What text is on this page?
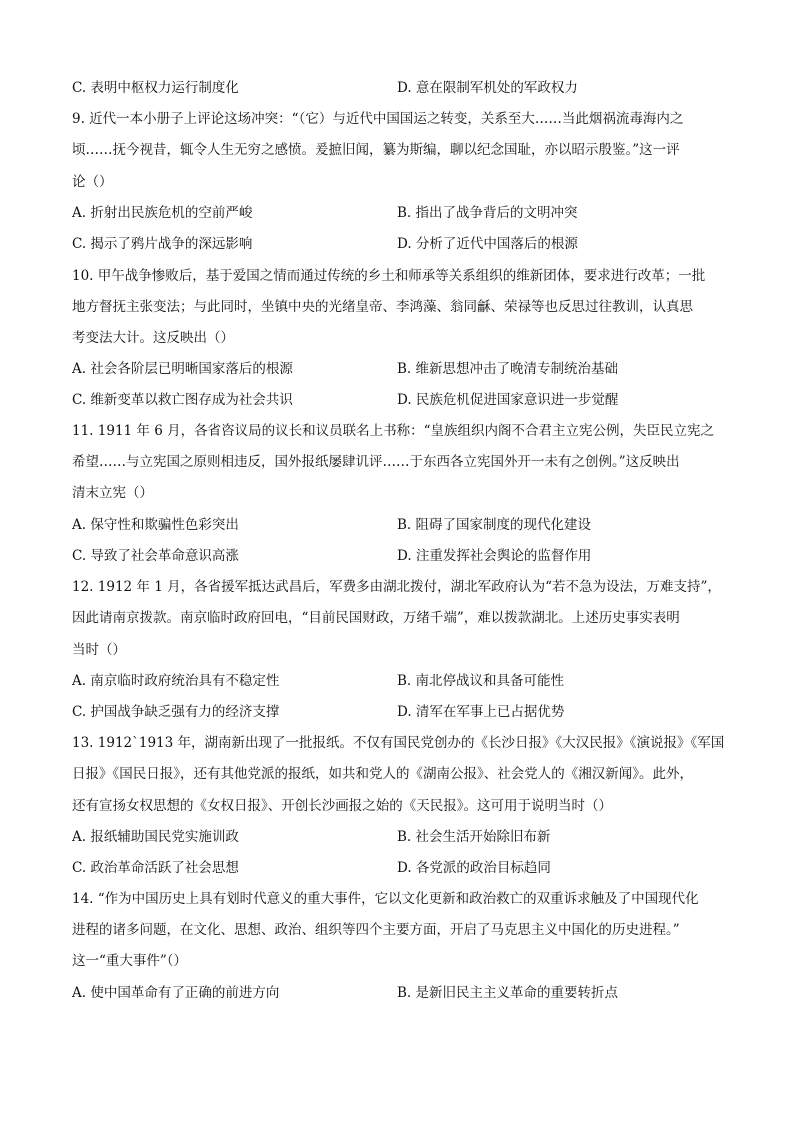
C. 表明中枢权力运行制度化	D. 意在限制军机处的军政权力
9. 近代一本小册子上评论这场冲突：“（它）与近代中国国运之转变，关系至大……当此烟祸流毒海内之
顷……抚今视昔，辄令人生无穷之感愤。爰摭旧闻，纂为斯编，聊以纪念国耻，亦以昭示殷鉴。”这一评
论（）
A. 折射出民族危机的空前严峻	B. 指出了战争背后的文明冲突
C. 揭示了鸦片战争的深远影响	D. 分析了近代中国落后的根源
10. 甲午战争惨败后，基于爱国之情而通过传统的乡土和师承等关系组织的维新团体，要求进行改革；一批
地方督抚主张变法；与此同时，坐镇中央的光绪皇帝、李鸿藻、翁同龢、荣禄等也反思过往教训，认真思
考变法大计。这反映出（）
A. 社会各阶层已明晰国家落后的根源	B. 维新思想冲击了晚清专制统治基础
C. 维新变革以救亡图存成为社会共识	D. 民族危机促进国家意识进一步觉醒
11. 1911 年 6 月，各省咨议局的议长和议员联名上书称：“皇族组织内阁不合君主立宪公例，失臣民立宪之
希望……与立宪国之原则相违反，国外报纸屡肆讥评……于东西各立宪国外开一未有之创例。”这反映出
清末立宪（）
A. 保守性和欺骗性色彩突出	B. 阻碍了国家制度的现代化建设
C. 导致了社会革命意识高涨	D. 注重发挥社会舆论的监督作用
12. 1912 年 1 月，各省援军抵达武昌后，军费多由湖北拨付，湖北军政府认为“若不急为设法，万难支持”，
因此请南京拨款。南京临时政府回电，“目前民国财政，万绪千端”，难以拨款湖北。上述历史事实表明
当时（）
A. 南京临时政府统治具有不稳定性	B. 南北停战议和具备可能性
C. 护国战争缺乏强有力的经济支撑	D. 清军在军事上已占据优势
13. 1912`1913 年，湖南新出现了一批报纸。不仅有国民党创办的《长沙日报》《大汉民报》《演说报》《军国
日报》《国民日报》，还有其他党派的报纸，如共和党人的《湖南公报》、社会党人的《湘汉新闻》。此外，
还有宣扬女权思想的《女权日报》、开创长沙画报之始的《天民报》。这可用于说明当时（）
A. 报纸辅助国民党实施训政	B. 社会生活开始除旧布新
C. 政治革命活跃了社会思想	D. 各党派的政治目标趋同
14. “作为中国历史上具有划时代意义的重大事件，它以文化更新和政治救亡的双重诉求触及了中国现代化
进程的诸多问题，在文化、思想、政治、组织等四个主要方面，开启了马克思主义中国化的历史进程。”
这一“重大事件”（）
A. 使中国革命有了正确的前进方向	B. 是新旧民主主义革命的重要转折点
